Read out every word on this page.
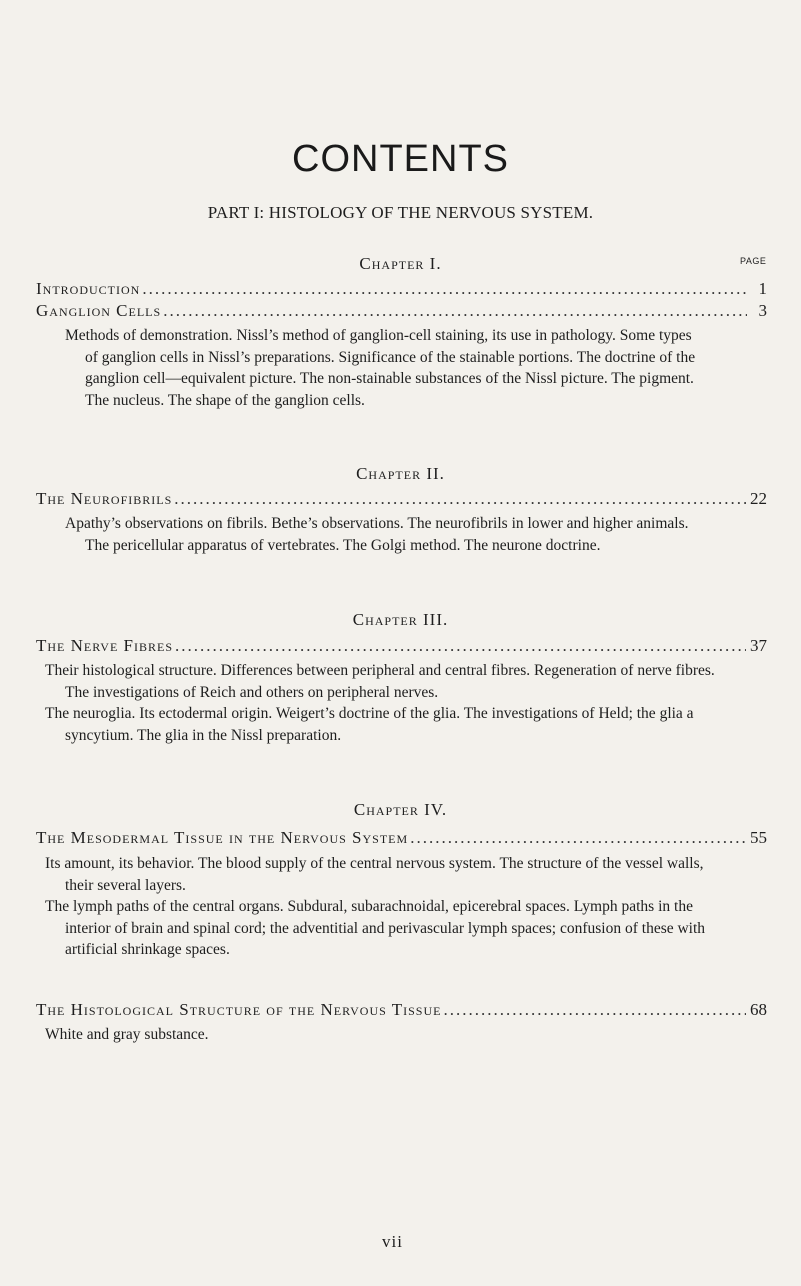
CONTENTS
PART I: HISTOLOGY OF THE NERVOUS SYSTEM.
Chapter I.	PAGE
Introduction .....	1
Ganglion Cells .....	3

Methods of demonstration. Nissl’s method of ganglion-cell staining, its use in pathology. Some types of ganglion cells in Nissl’s preparations. Significance of the stainable portions. The doctrine of the ganglion cell—equivalent picture. The non-stainable substances of the Nissl picture. The pigment. The nucleus. The shape of the ganglion cells.

Chapter II.
The Neurofibrils .....	22

Apathy’s observations on fibrils. Bethe’s observations. The neurofibrils in lower and higher animals. The pericellular apparatus of vertebrates. The Golgi method. The neurone doctrine.

Chapter III.
The Nerve Fibres .....	37

Their histological structure. Differences between peripheral and central fibres. Regeneration of nerve fibres. The investigations of Reich and others on peripheral nerves.

The neuroglia. Its ectodermal origin. Weigert’s doctrine of the glia. The investigations of Held; the glia a syncytium. The glia in the Nissl preparation.

Chapter IV.
The Mesodermal Tissue in the Nervous System .....	55

Its amount, its behavior. The blood supply of the central nervous system. The structure of the vessel walls, their several layers.

The lymph paths of the central organs. Subdural, subarachnoidal, epicerebral spaces. Lymph paths in the interior of brain and spinal cord; the adventitial and perivascular lymph spaces; confusion of these with artificial shrinkage spaces.

The Histological Structure of the Nervous Tissue .....	68

White and gray substance.

vii
